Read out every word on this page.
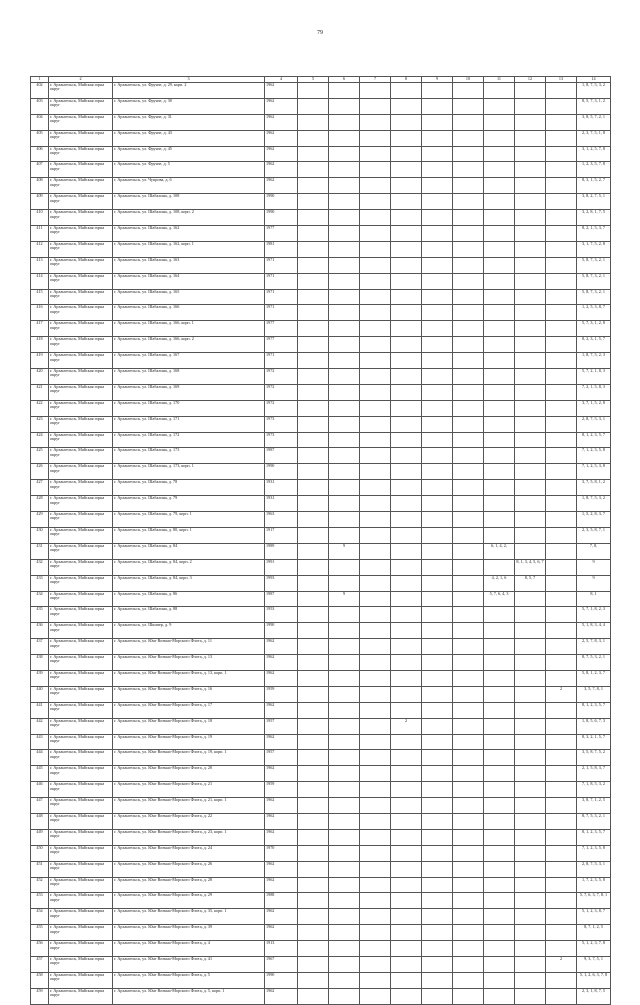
79
1	2	3	4	5	6	7	8	9	10	11	12	13	14
402	г. Архангельск, Майская горка округ	г. Архангельск, ул. Фрунзе, д. 29, корп. 2	1962										1, 8, 7, 5, 3, 2
403	г. Архангельск, Майская горка округ	г. Архангельск, ул. Фрунзе, д. 30	1962										8, 5, 7, 3, 1, 2
404	г. Архангельск, Майская горка округ	г. Архангельск, ул. Фрунзе, д. 31	1962										3, 8, 5, 7, 2, 1
405	г. Архангельск, Майская горка округ	г. Архангельск, ул. Фрунзе, д. 43	1962										2, 3, 7, 5, 1, 8
406	г. Архангельск, Майская горка округ	г. Архангельск, ул. Фрунзе, д. 45	1962										3, 1, 2, 5, 7, 8
407	г. Архангельск, Майская горка округ	г. Архангельск, ул. Фрунзе, д. 5	1962										1, 2, 3, 5, 7, 8
408	г. Архангельск, Майская горка округ	г. Архангельск, ул. Чупрова, д. 6	1962										8, 3, 1, 5, 2, 7
409	г. Архангельск, Майская горка округ	г. Архангельск, ул. Шабалина, д. 108	1990										3, 8, 2, 7, 5, 1
410	г. Архангельск, Майская горка округ	г. Архангельск, ул. Шабалина, д. 108, корп. 2	1990										3, 2, 8, 1, 7, 5
411	г. Архангельск, Майская горка округ	г. Архангельск, ул. Шабалина, д. 162	1977										8, 2, 1, 5, 3, 7
412	г. Архангельск, Майская горка округ	г. Архангельск, ул. Шабалина, д. 162, корп. 1	1981										3, 1, 7, 5, 2, 8
413	г. Архангельск, Майская горка округ	г. Архангельск, ул. Шабалина, д. 163	1971										5, 8, 7, 3, 2, 1
414	г. Архангельск, Майская горка округ	г. Архангельск, ул. Шабалина, д. 164	1971										5, 8, 7, 3, 2, 1
415	г. Архангельск, Майская горка округ	г. Архангельск, ул. Шабалина, д. 165	1971										5, 8, 7, 3, 2, 1
416	г. Архангельск, Майская горка округ	г. Архангельск, ул. Шабалина, д. 166	1971										1, 2, 5, 3, 8, 7
417	г. Архангельск, Майская горка округ	г. Архангельск, ул. Шабалина, д. 166, корп. 1	1977										5, 7, 3, 1, 2, 8
418	г. Архангельск, Майская горка округ	г. Архангельск, ул. Шабалина, д. 166, корп. 2	1977										8, 2, 3, 1, 5, 7
419	г. Архангельск, Майская горка округ	г. Архангельск, ул. Шабалина, д. 167	1971										1, 8, 7, 5, 2, 3
420	г. Архангельск, Майская горка округ	г. Архангельск, ул. Шабалина, д. 168	1972										5, 7, 2, 1, 8, 3
421	г. Архангельск, Майская горка округ	г. Архангельск, ул. Шабалина, д. 169	1972										7, 2, 1, 5, 8, 3
422	г. Архангельск, Майская горка округ	г. Архангельск, ул. Шабалина, д. 170	1972										3, 7, 1, 5, 2, 8
423	г. Архангельск, Майская горка округ	г. Архангельск, ул. Шабалина, д. 171	1973										2, 8, 7, 5, 3, 1
424	г. Архангельск, Майская горка округ	г. Архангельск, ул. Шабалина, д. 172	1973										8, 1, 2, 3, 5, 7
425	г. Архангельск, Майская горка округ	г. Архангельск, ул. Шабалина, д. 173	1987										7, 1, 2, 3, 5, 8
426	г. Архангельск, Майская горка округ	г. Архангельск, ул. Шабалина, д. 173, корп. 1	1990										7, 1, 2, 5, 3, 8
427	г. Архангельск, Майская горка округ	г. Архангельск, ул. Шабалина, д. 78	1931										3, 7, 5, 8, 1, 2
428	г. Архангельск, Майская горка округ	г. Архангельск, ул. Шабалина, д. 79	1931										1, 8, 7, 5, 3, 2
429	г. Архангельск, Майская горка округ	г. Архангельск, ул. Шабалина, д. 79, корп. 1	1963										1, 5, 2, 8, 3, 7
430	г. Архангельск, Майская горка округ	г. Архангельск, ул. Шабалина, д. 80, корп. 1	1917										2, 3, 5, 8, 7, 1
431	г. Архангельск, Майская горка округ	г. Архангельск, ул. Шабалина, д. 84	1989		9					6, 1, 4, 2,			7, 8,
432	г. Архангельск, Майская горка округ	г. Архангельск, ул. Шабалина, д. 84, корп. 2	1991								8, 1, 3, 4, 5, 6, 7		9
433	г. Архангельск, Майская горка округ	г. Архангельск, ул. Шабалина, д. 84, корп. 3	1993							4, 2, 1, 6	8, 5, 7		9
434	г. Архангельск, Майская горка округ	г. Архангельск, ул. Шабалина, д. 86	1987		9					5, 7, 6, 4, 3			8, 1
435	г. Архангельск, Майская горка округ	г. Архангельск, ул. Шабалина, д. 88	1953										5, 7, 1, 8, 2, 3
436	г. Архангельск, Майская горка округ	г. Архангельск, ул. Шкипер, д. 9	1990										5, 1, 8, 3, 4, 4
437	г. Архангельск, Майская горка округ	г. Архангельск, ул. Юнг Военно-Морского Флота, д. 11	1962										2, 5, 7, 8, 3, 1
438	г. Архангельск, Майская горка округ	г. Архангельск, ул. Юнг Военно-Морского Флота, д. 13	1962										8, 7, 5, 3, 2, 1
439	г. Архангельск, Майская горка округ	г. Архангельск, ул. Юнг Военно-Морского Флота, д. 13, корп. 1	1962										5, 8, 1, 2, 3, 7
440	г. Архангельск, Майская горка округ	г. Архангельск, ул. Юнг Военно-Морского Флота, д. 16	1959									2	3, 5, 7, 8, 1
441	г. Архангельск, Майская горка округ	г. Архангельск, ул. Юнг Военно-Морского Флота, д. 17	1962										8, 1, 2, 3, 5, 7
442	г. Архангельск, Майская горка округ	г. Архангельск, ул. Юнг Военно-Морского Флота, д. 18	1957				2						1, 8, 5, 6, 7, 3
443	г. Архангельск, Майская горка округ	г. Архангельск, ул. Юнг Военно-Морского Флота, д. 19	1962										8, 3, 2, 1, 5, 7
444	г. Архангельск, Майская горка округ	г. Архангельск, ул. Юнг Военно-Морского Флота, д. 19, корп. 1	1957										3, 5, 8, 7, 5, 2
445	г. Архангельск, Майская горка округ	г. Архангельск, ул. Юнг Военно-Морского Флота, д. 20	1962										2, 1, 5, 8, 3, 7
446	г. Архангельск, Майская горка округ	г. Архангельск, ул. Юнг Военно-Морского Флота, д. 21	1959										7, 1, 8, 5, 3, 2
447	г. Архангельск, Майская горка округ	г. Архангельск, ул. Юнг Военно-Морского Флота, д. 21, корп. 1	1962										3, 8, 7, 1, 2, 5
448	г. Архангельск, Майская горка округ	г. Архангельск, ул. Юнг Военно-Морского Флота, д. 22	1962										8, 7, 5, 3, 2, 1
449	г. Архангельск, Майская горка округ	г. Архангельск, ул. Юнг Военно-Морского Флота, д. 23, корп. 1	1962										8, 1, 2, 3, 5, 7
450	г. Архангельск, Майская горка округ	г. Архангельск, ул. Юнг Военно-Морского Флота, д. 24	1970										7, 1, 2, 3, 5, 8
451	г. Архангельск, Майская горка округ	г. Архангельск, ул. Юнг Военно-Морского Флота, д. 26	1962										2, 8, 7, 5, 3, 1
452	г. Архангельск, Майская горка округ	г. Архангельск, ул. Юнг Военно-Морского Флота, д. 28	1962										1, 7, 2, 3, 5, 8
453	г. Архангельск, Майская горка округ	г. Архангельск, ул. Юнг Военно-Морского Флота, д. 29	1988										5, 7, 6, 3, 7, 8, 1
454	г. Архангельск, Майская горка округ	г. Архангельск, ул. Юнг Военно-Морского Флота, д. 35, корп. 1	1962										5, 1, 2, 3, 8, 7
455	г. Архангельск, Майская горка округ	г. Архангельск, ул. Юнг Военно-Морского Флота, д. 39	1962										8, 7, 1, 2, 5
456	г. Архангельск, Майская горка округ	г. Архангельск, ул. Юнг Военно-Морского Флота, д. 4	1913										5, 1, 2, 3, 7, 8
457	г. Архангельск, Майская горка округ	г. Архангельск, ул. Юнг Военно-Морского Флота, д. 41	1967									2	9, 3, 7, 5, 1
458	г. Архангельск, Майская горка округ	г. Архангельск, ул. Юнг Военно-Морского Флота, д. 5	1990										5, 1, 2, 6, 3, 7, 8
459	г. Архангельск, Майская горка округ	г. Архангельск, ул. Юнг Военно-Морского Флота, д. 5, корп. 1	1962										2, 3, 1, 8, 7, 5
